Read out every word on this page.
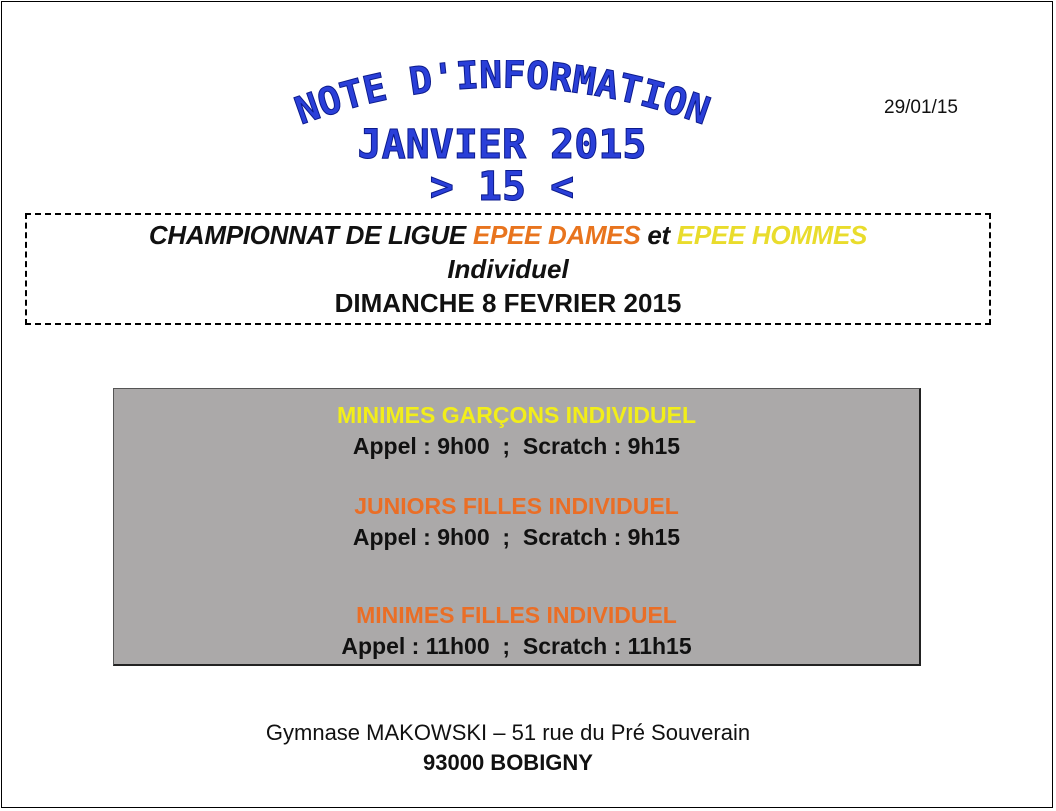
NOTE D'INFORMATION
JANVIER 2015
> 15 <
29/01/15
CHAMPIONNAT DE LIGUE EPEE DAMES et EPEE HOMMES
Individuel
DIMANCHE 8 FEVRIER 2015
MINIMES GARÇONS INDIVIDUEL
Appel : 9h00  ;  Scratch : 9h15
JUNIORS FILLES INDIVIDUEL
Appel : 9h00  ;  Scratch : 9h15
MINIMES FILLES INDIVIDUEL
Appel : 11h00  ;  Scratch : 11h15
Gymnase MAKOWSKI – 51 rue du Pré Souverain
93000 BOBIGNY
